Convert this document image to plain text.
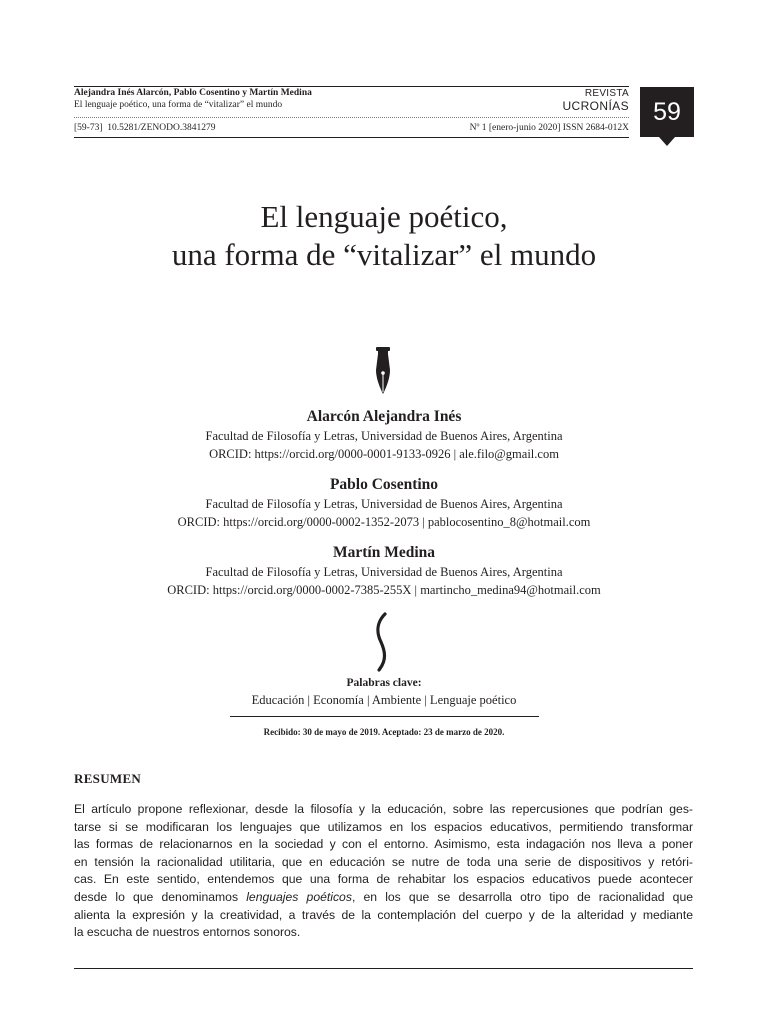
Alejandra Inés Alarcón, Pablo Cosentino y Martín Medina
El lenguaje poético, una forma de “vitalizar” el mundo
REVISTA
UCRONÍAS
[59-73] 10.5281/ZENODO.3841279	Nº 1 [enero-junio 2020] ISSN 2684-012X
59
El lenguaje poético,
una forma de “vitalizar” el mundo
Alarcón Alejandra Inés
Facultad de Filosofía y Letras, Universidad de Buenos Aires, Argentina
ORCID: https://orcid.org/0000-0001-9133-0926 | ale.filo@gmail.com
Pablo Cosentino
Facultad de Filosofía y Letras, Universidad de Buenos Aires, Argentina
ORCID: https://orcid.org/0000-0002-1352-2073 | pablocosentino_8@hotmail.com
Martín Medina
Facultad de Filosofía y Letras, Universidad de Buenos Aires, Argentina
ORCID: https://orcid.org/0000-0002-7385-255X | martincho_medina94@hotmail.com
Palabras clave:
Educación | Economía | Ambiente | Lenguaje poético
Recibido: 30 de mayo de 2019. Aceptado: 23 de marzo de 2020.
RESUMEN
El artículo propone reflexionar, desde la filosofía y la educación, sobre las repercusiones que podrían ges-
tarse si se modificaran los lenguajes que utilizamos en los espacios educativos, permitiendo transformar
las formas de relacionarnos en la sociedad y con el entorno. Asimismo, esta indagación nos lleva a poner
en tensión la racionalidad utilitaria, que en educación se nutre de toda una serie de dispositivos y retóri-
cas. En este sentido, entendemos que una forma de rehabitar los espacios educativos puede acontecer
desde lo que denominamos lenguajes poéticos, en los que se desarrolla otro tipo de racionalidad que
alienta la expresión y la creatividad, a través de la contemplación del cuerpo y de la alteridad y mediante
la escucha de nuestros entornos sonoros.
